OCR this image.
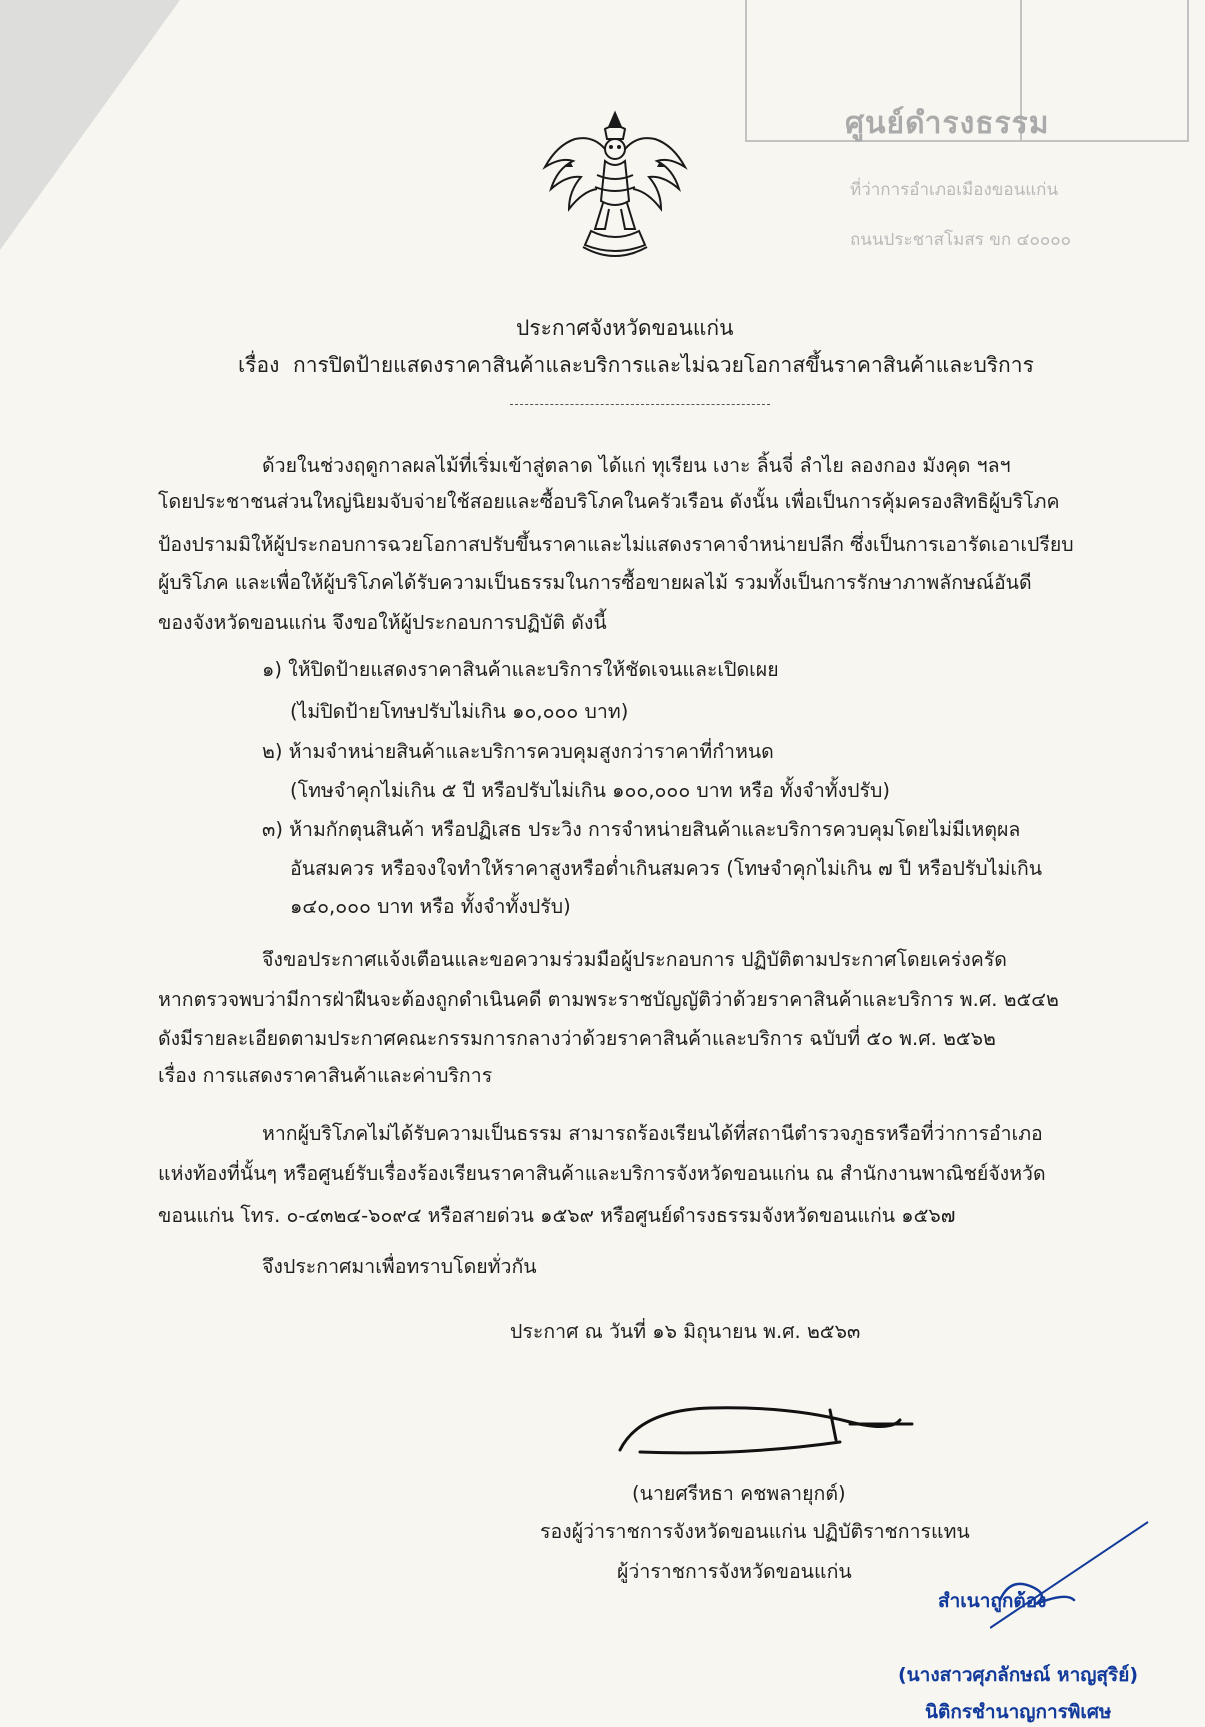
ศูนย์ดำรงธรรม
ที่ว่าการอำเภอเมืองขอนแก่น
ถนนประชาสโมสร ขก ๔๐๐๐๐
ประกาศจังหวัดขอนแก่น
เรื่อง การปิดป้ายแสดงราคาสินค้าและบริการและไม่ฉวยโอกาสขึ้นราคาสินค้าและบริการ
ด้วยในช่วงฤดูกาลผลไม้ที่เริ่มเข้าสู่ตลาด ได้แก่ ทุเรียน เงาะ ลิ้นจี่ ลำไย ลองกอง มังคุด ฯลฯ
โดยประชาชนส่วนใหญ่นิยมจับจ่ายใช้สอยและซื้อบริโภคในครัวเรือน ดังนั้น เพื่อเป็นการคุ้มครองสิทธิผู้บริโภค
ป้องปรามมิให้ผู้ประกอบการฉวยโอกาสปรับขึ้นราคาและไม่แสดงราคาจำหน่ายปลีก ซึ่งเป็นการเอารัดเอาเปรียบ
ผู้บริโภค และเพื่อให้ผู้บริโภคได้รับความเป็นธรรมในการซื้อขายผลไม้ รวมทั้งเป็นการรักษาภาพลักษณ์อันดี
ของจังหวัดขอนแก่น จึงขอให้ผู้ประกอบการปฏิบัติ ดังนี้
๑) ให้ปิดป้ายแสดงราคาสินค้าและบริการให้ชัดเจนและเปิดเผย
(ไม่ปิดป้ายโทษปรับไม่เกิน ๑๐,๐๐๐ บาท)
๒) ห้ามจำหน่ายสินค้าและบริการควบคุมสูงกว่าราคาที่กำหนด
(โทษจำคุกไม่เกิน ๕ ปี หรือปรับไม่เกิน ๑๐๐,๐๐๐ บาท หรือ ทั้งจำทั้งปรับ)
๓) ห้ามกักตุนสินค้า หรือปฏิเสธ ประวิง การจำหน่ายสินค้าและบริการควบคุมโดยไม่มีเหตุผล
อันสมควร หรือจงใจทำให้ราคาสูงหรือต่ำเกินสมควร (โทษจำคุกไม่เกิน ๗ ปี หรือปรับไม่เกิน
๑๔๐,๐๐๐ บาท หรือ ทั้งจำทั้งปรับ)
จึงขอประกาศแจ้งเตือนและขอความร่วมมือผู้ประกอบการ ปฏิบัติตามประกาศโดยเคร่งครัด
หากตรวจพบว่ามีการฝ่าฝืนจะต้องถูกดำเนินคดี ตามพระราชบัญญัติว่าด้วยราคาสินค้าและบริการ พ.ศ. ๒๕๔๒
ดังมีรายละเอียดตามประกาศคณะกรรมการกลางว่าด้วยราคาสินค้าและบริการ ฉบับที่ ๕๐ พ.ศ. ๒๕๖๒
เรื่อง การแสดงราคาสินค้าและค่าบริการ
หากผู้บริโภคไม่ได้รับความเป็นธรรม สามารถร้องเรียนได้ที่สถานีตำรวจภูธรหรือที่ว่าการอำเภอ
แห่งท้องที่นั้นๆ หรือศูนย์รับเรื่องร้องเรียนราคาสินค้าและบริการจังหวัดขอนแก่น ณ สำนักงานพาณิชย์จังหวัด
ขอนแก่น โทร. ๐-๔๓๒๔-๖๐๙๔ หรือสายด่วน ๑๕๖๙ หรือศูนย์ดำรงธรรมจังหวัดขอนแก่น ๑๕๖๗
จึงประกาศมาเพื่อทราบโดยทั่วกัน
ประกาศ ณ วันที่ ๑๖ มิถุนายน พ.ศ. ๒๕๖๓
(นายศรีหธา คชพลายุกต์)
รองผู้ว่าราชการจังหวัดขอนแก่น ปฏิบัติราชการแทน
ผู้ว่าราชการจังหวัดขอนแก่น
สำเนาถูกต้อง
(นางสาวศุภลักษณ์ หาญสุริย์)
นิติกรชำนาญการพิเศษ
